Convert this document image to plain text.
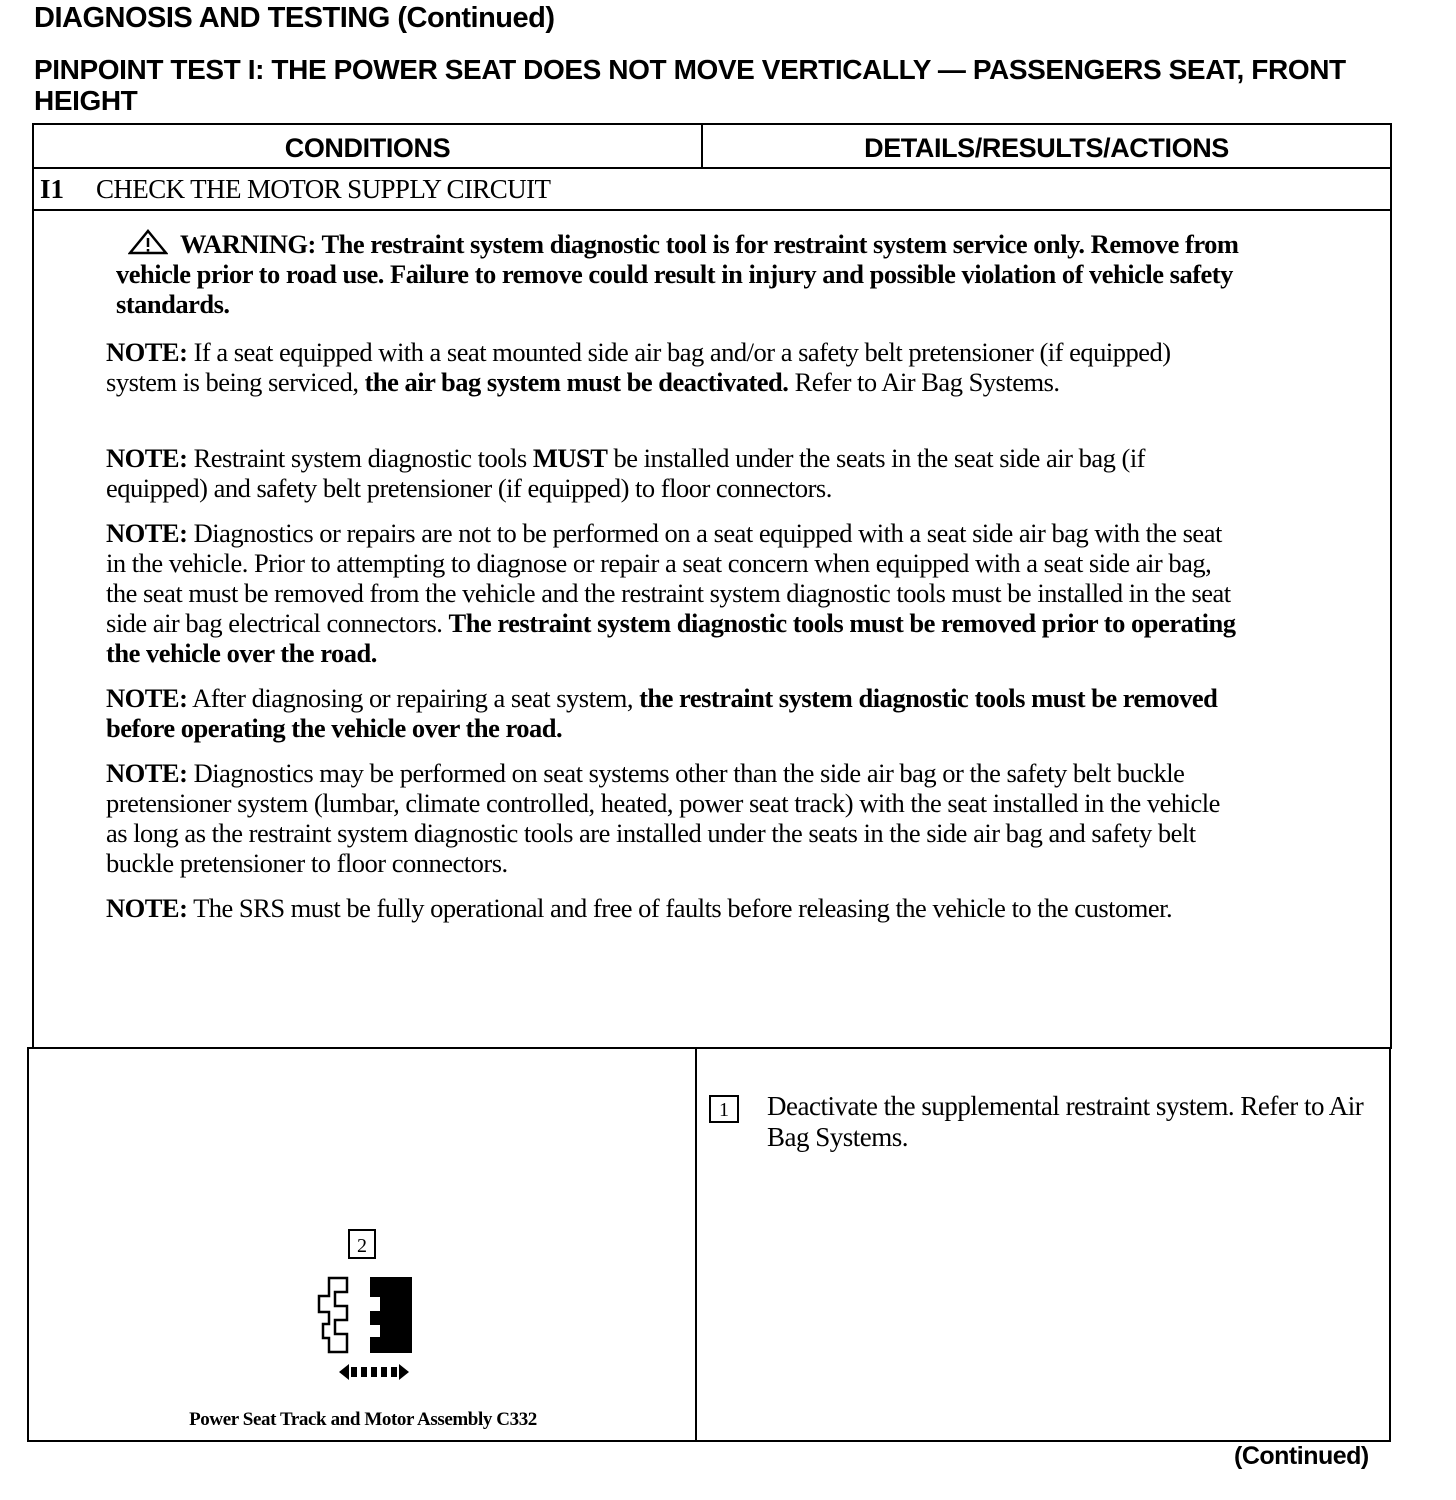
DIAGNOSIS AND TESTING (Continued)
PINPOINT TEST I: THE POWER SEAT DOES NOT MOVE VERTICALLY — PASSENGERS SEAT, FRONT HEIGHT
CONDITIONS	DETAILS/RESULTS/ACTIONS
I1 CHECK THE MOTOR SUPPLY CIRCUIT

WARNING: The restraint system diagnostic tool is for restraint system service only. Remove from vehicle prior to road use. Failure to remove could result in injury and possible violation of vehicle safety standards.

NOTE: If a seat equipped with a seat mounted side air bag and/or a safety belt pretensioner (if equipped) system is being serviced, the air bag system must be deactivated. Refer to Air Bag Systems.

NOTE: Restraint system diagnostic tools MUST be installed under the seats in the seat side air bag (if equipped) and safety belt pretensioner (if equipped) to floor connectors.

NOTE: Diagnostics or repairs are not to be performed on a seat equipped with a seat side air bag with the seat in the vehicle. Prior to attempting to diagnose or repair a seat concern when equipped with a seat side air bag, the seat must be removed from the vehicle and the restraint system diagnostic tools must be installed in the seat side air bag electrical connectors. The restraint system diagnostic tools must be removed prior to operating the vehicle over the road.

NOTE: After diagnosing or repairing a seat system, the restraint system diagnostic tools must be removed before operating the vehicle over the road.

NOTE: Diagnostics may be performed on seat systems other than the side air bag or the safety belt buckle pretensioner system (lumbar, climate controlled, heated, power seat track) with the seat installed in the vehicle as long as the restraint system diagnostic tools are installed under the seats in the side air bag and safety belt buckle pretensioner to floor connectors.

NOTE: The SRS must be fully operational and free of faults before releasing the vehicle to the customer.

2
Power Seat Track and Motor Assembly C332
1	Deactivate the supplemental restraint system. Refer to Air Bag Systems.
(Continued)
